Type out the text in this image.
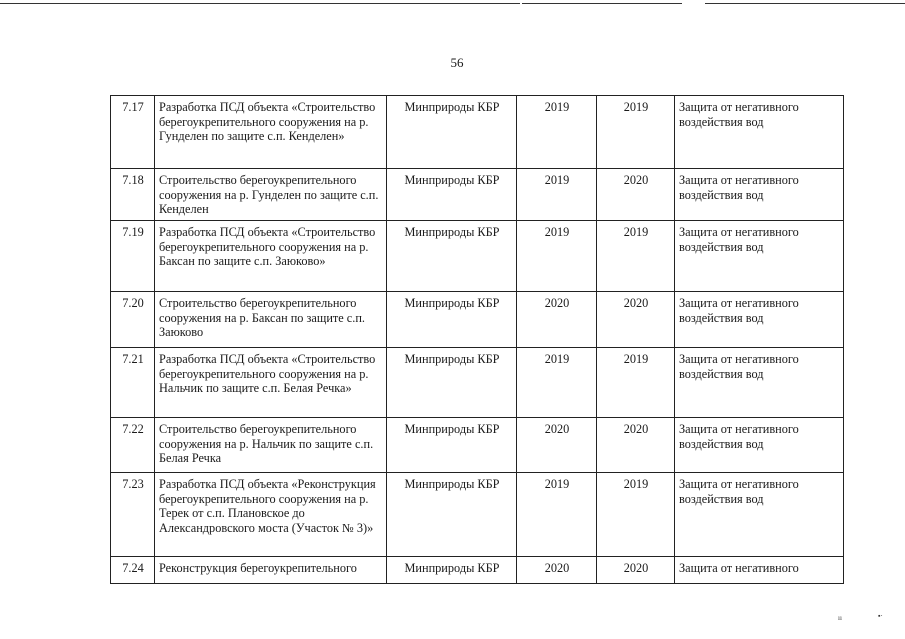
56
7.17	Разработка ПСД объекта «Строительство берегоукрепительного сооружения на р. Гунделен по защите с.п. Кенделен»	Минприроды КБР	2019	2019	Защита от негативного воздействия вод
7.18	Строительство берегоукрепительного сооружения на р. Гунделен по защите с.п. Кенделен	Минприроды КБР	2019	2020	Защита от негативного воздействия вод
7.19	Разработка ПСД объекта «Строительство берегоукрепительного сооружения на р. Баксан по защите с.п. Заюково»	Минприроды КБР	2019	2019	Защита от негативного воздействия вод
7.20	Строительство берегоукрепительного сооружения на р. Баксан по защите с.п. Заюково	Минприроды КБР	2020	2020	Защита от негативного воздействия вод
7.21	Разработка ПСД объекта «Строительство берегоукрепительного сооружения на р. Нальчик по защите с.п. Белая Речка»	Минприроды КБР	2019	2019	Защита от негативного воздействия вод
7.22	Строительство берегоукрепительного сооружения на р. Нальчик по защите с.п. Белая Речка	Минприроды КБР	2020	2020	Защита от негативного воздействия вод
7.23	Разработка ПСД объекта «Реконструкция берегоукрепительного сооружения на р. Терек от с.п. Плановское до Александровского моста (Участок № 3)»	Минприроды КБР	2019	2019	Защита от негативного воздействия вод
7.24	Реконструкция берегоукрепительного	Минприроды КБР	2020	2020	Защита от негативного
ıı	▪·
